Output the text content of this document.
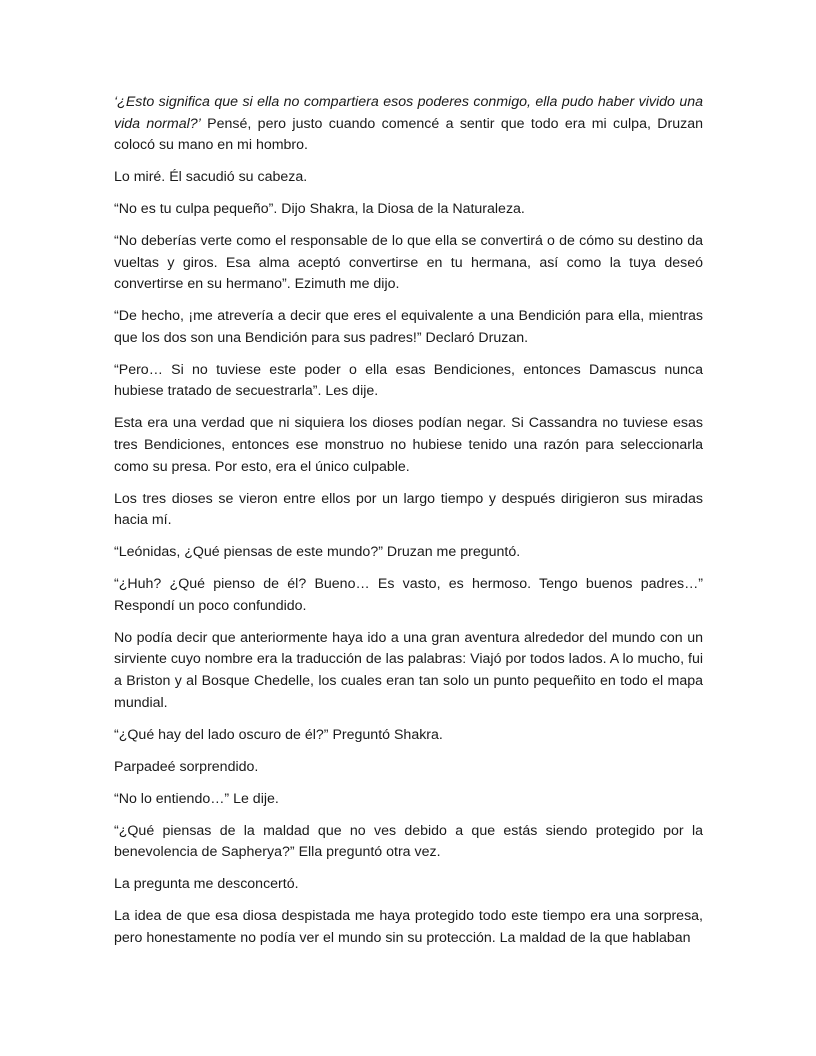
‘¿Esto significa que si ella no compartiera esos poderes conmigo, ella pudo haber vivido una vida normal?’ Pensé, pero justo cuando comencé a sentir que todo era mi culpa, Druzan colocó su mano en mi hombro.

Lo miré. Él sacudió su cabeza.

“No es tu culpa pequeño”. Dijo Shakra, la Diosa de la Naturaleza.

“No deberías verte como el responsable de lo que ella se convertirá o de cómo su destino da vueltas y giros. Esa alma aceptó convertirse en tu hermana, así como la tuya deseó convertirse en su hermano”. Ezimuth me dijo.

“De hecho, ¡me atrevería a decir que eres el equivalente a una Bendición para ella, mientras que los dos son una Bendición para sus padres!” Declaró Druzan.

“Pero… Si no tuviese este poder o ella esas Bendiciones, entonces Damascus nunca hubiese tratado de secuestrarla”. Les dije.

Esta era una verdad que ni siquiera los dioses podían negar. Si Cassandra no tuviese esas tres Bendiciones, entonces ese monstruo no hubiese tenido una razón para seleccionarla como su presa. Por esto, era el único culpable.

Los tres dioses se vieron entre ellos por un largo tiempo y después dirigieron sus miradas hacia mí.

“Leónidas, ¿Qué piensas de este mundo?” Druzan me preguntó.

“¿Huh? ¿Qué pienso de él? Bueno… Es vasto, es hermoso. Tengo buenos padres…” Respondí un poco confundido.

No podía decir que anteriormente haya ido a una gran aventura alrededor del mundo con un sirviente cuyo nombre era la traducción de las palabras: Viajó por todos lados. A lo mucho, fui a Briston y al Bosque Chedelle, los cuales eran tan solo un punto pequeñito en todo el mapa mundial.

“¿Qué hay del lado oscuro de él?” Preguntó Shakra.

Parpadeé sorprendido.

“No lo entiendo…” Le dije.

“¿Qué piensas de la maldad que no ves debido a que estás siendo protegido por la benevolencia de Sapherya?” Ella preguntó otra vez.

La pregunta me desconcertó.

La idea de que esa diosa despistada me haya protegido todo este tiempo era una sorpresa, pero honestamente no podía ver el mundo sin su protección. La maldad de la que hablaban
